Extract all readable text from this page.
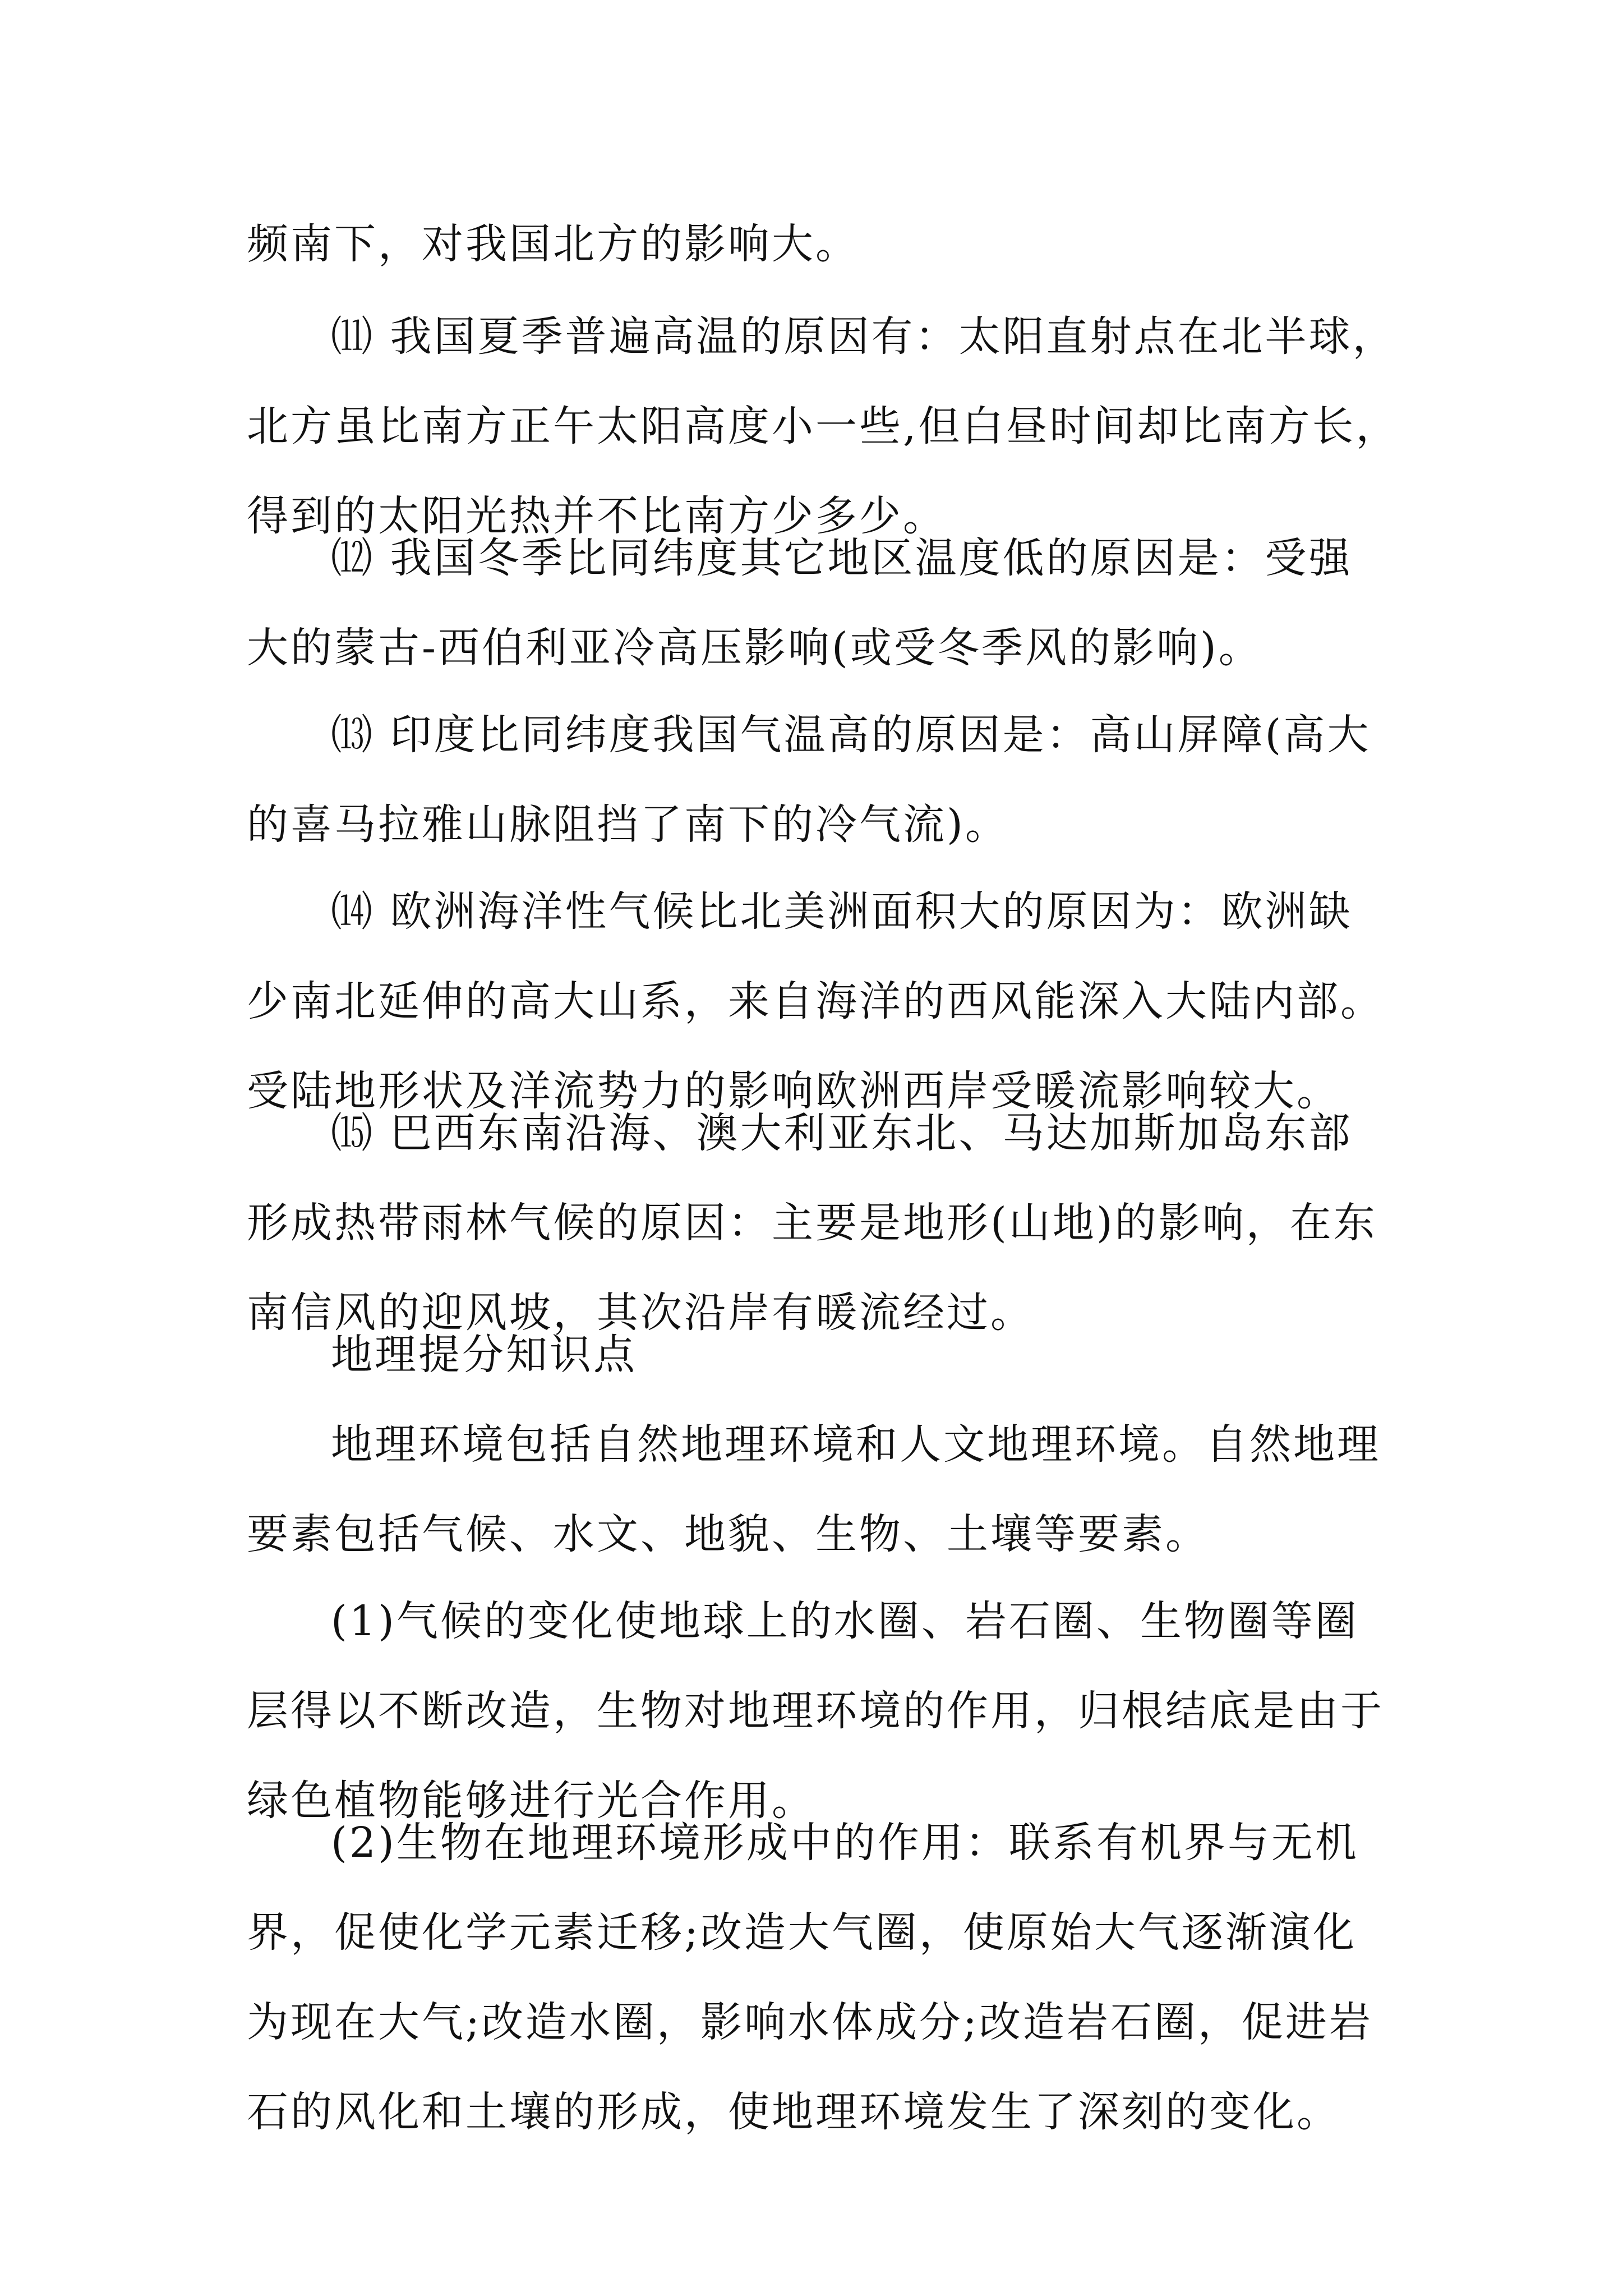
频南下，对我国北方的影响大。

⑾ 我国夏季普遍高温的原因有：太阳直射点在北半球，
北方虽比南方正午太阳高度小一些,但白昼时间却比南方长，
得到的太阳光热并不比南方少多少。

⑿ 我国冬季比同纬度其它地区温度低的原因是：受强
大的蒙古-西伯利亚冷高压影响(或受冬季风的影响)。

⒀ 印度比同纬度我国气温高的原因是：高山屏障(高大
的喜马拉雅山脉阻挡了南下的冷气流)。

⒁ 欧洲海洋性气候比北美洲面积大的原因为：欧洲缺
少南北延伸的高大山系，来自海洋的西风能深入大陆内部。
受陆地形状及洋流势力的影响欧洲西岸受暖流影响较大。

⒂ 巴西东南沿海、澳大利亚东北、马达加斯加岛东部
形成热带雨林气候的原因：主要是地形(山地)的影响，在东
南信风的迎风坡，其次沿岸有暖流经过。

地理提分知识点

地理环境包括自然地理环境和人文地理环境。自然地理
要素包括气候、水文、地貌、生物、土壤等要素。

(1)气候的变化使地球上的水圈、岩石圈、生物圈等圈
层得以不断改造，生物对地理环境的作用，归根结底是由于
绿色植物能够进行光合作用。

(2)生物在地理环境形成中的作用：联系有机界与无机
界，促使化学元素迁移;改造大气圈，使原始大气逐渐演化
为现在大气;改造水圈，影响水体成分;改造岩石圈，促进岩
石的风化和土壤的形成，使地理环境发生了深刻的变化。
